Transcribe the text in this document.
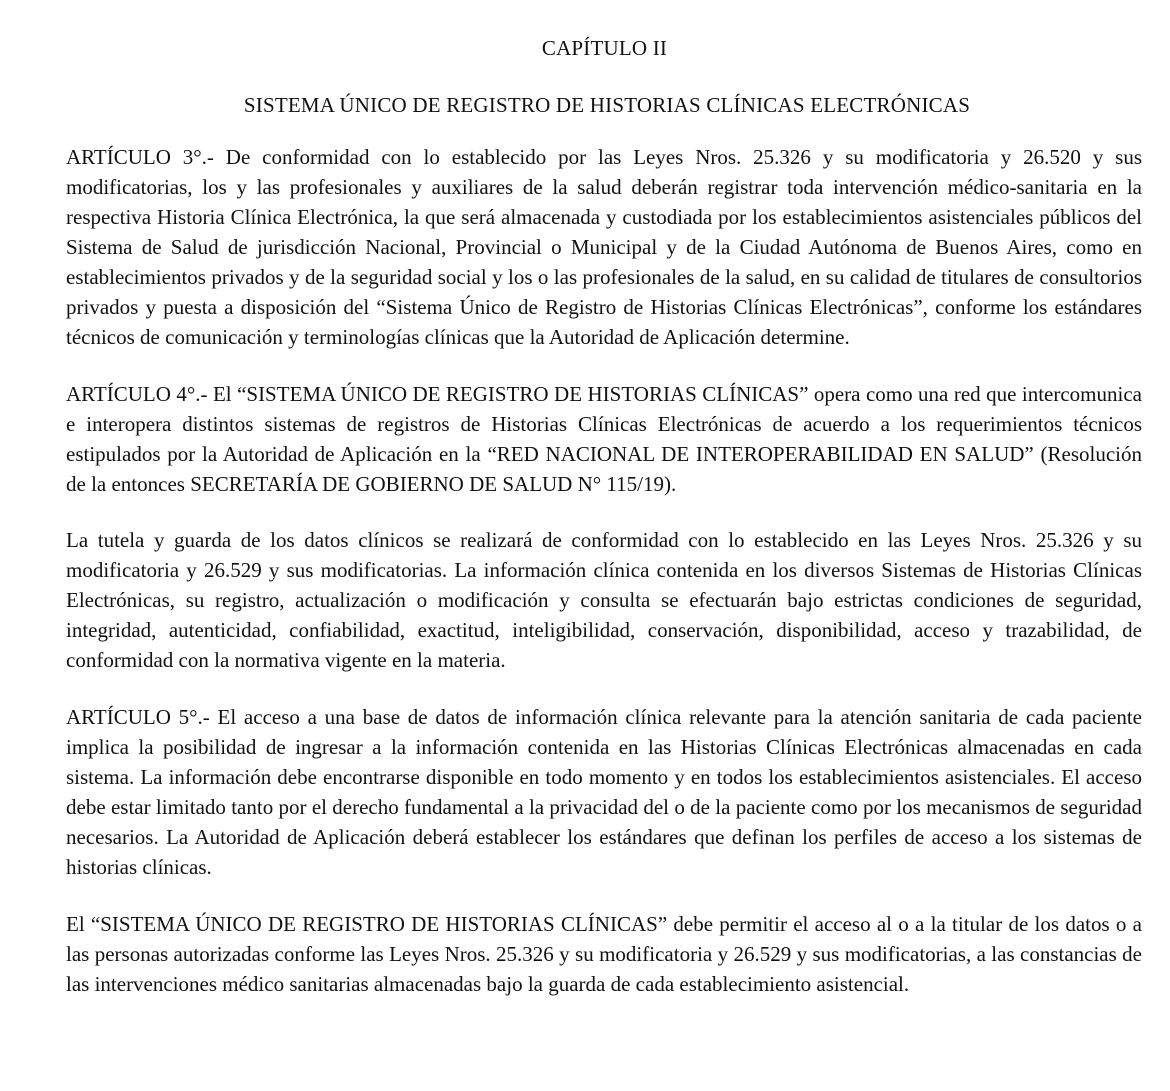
CAPÍTULO II
SISTEMA ÚNICO DE REGISTRO DE HISTORIAS CLÍNICAS ELECTRÓNICAS

ARTÍCULO 3°.- De conformidad con lo establecido por las Leyes Nros. 25.326 y su modificatoria y 26.520 y sus modificatorias, los y las profesionales y auxiliares de la salud deberán registrar toda intervención médico-sanitaria en la respectiva Historia Clínica Electrónica, la que será almacenada y custodiada por los establecimientos asistenciales públicos del Sistema de Salud de jurisdicción Nacional, Provincial o Municipal y de la Ciudad Autónoma de Buenos Aires, como en establecimientos privados y de la seguridad social y los o las profesionales de la salud, en su calidad de titulares de consultorios privados y puesta a disposición del “Sistema Único de Registro de Historias Clínicas Electrónicas”, conforme los estándares técnicos de comunicación y terminologías clínicas que la Autoridad de Aplicación determine.

ARTÍCULO 4°.- El “SISTEMA ÚNICO DE REGISTRO DE HISTORIAS CLÍNICAS” opera como una red que intercomunica e interopera distintos sistemas de registros de Historias Clínicas Electrónicas de acuerdo a los requerimientos técnicos estipulados por la Autoridad de Aplicación en la “RED NACIONAL DE INTEROPERABILIDAD EN SALUD” (Resolución de la entonces SECRETARÍA DE GOBIERNO DE SALUD N° 115/19).

La tutela y guarda de los datos clínicos se realizará de conformidad con lo establecido en las Leyes Nros. 25.326 y su modificatoria y 26.529 y sus modificatorias. La información clínica contenida en los diversos Sistemas de Historias Clínicas Electrónicas, su registro, actualización o modificación y consulta se efectuarán bajo estrictas condiciones de seguridad, integridad, autenticidad, confiabilidad, exactitud, inteligibilidad, conservación, disponibilidad, acceso y trazabilidad, de conformidad con la normativa vigente en la materia.

ARTÍCULO 5°.- El acceso a una base de datos de información clínica relevante para la atención sanitaria de cada paciente implica la posibilidad de ingresar a la información contenida en las Historias Clínicas Electrónicas almacenadas en cada sistema. La información debe encontrarse disponible en todo momento y en todos los establecimientos asistenciales. El acceso debe estar limitado tanto por el derecho fundamental a la privacidad del o de la paciente como por los mecanismos de seguridad necesarios. La Autoridad de Aplicación deberá establecer los estándares que definan los perfiles de acceso a los sistemas de historias clínicas.

El “SISTEMA ÚNICO DE REGISTRO DE HISTORIAS CLÍNICAS” debe permitir el acceso al o a la titular de los datos o a las personas autorizadas conforme las Leyes Nros. 25.326 y su modificatoria y 26.529 y sus modificatorias, a las constancias de las intervenciones médico sanitarias almacenadas bajo la guarda de cada establecimiento asistencial.
